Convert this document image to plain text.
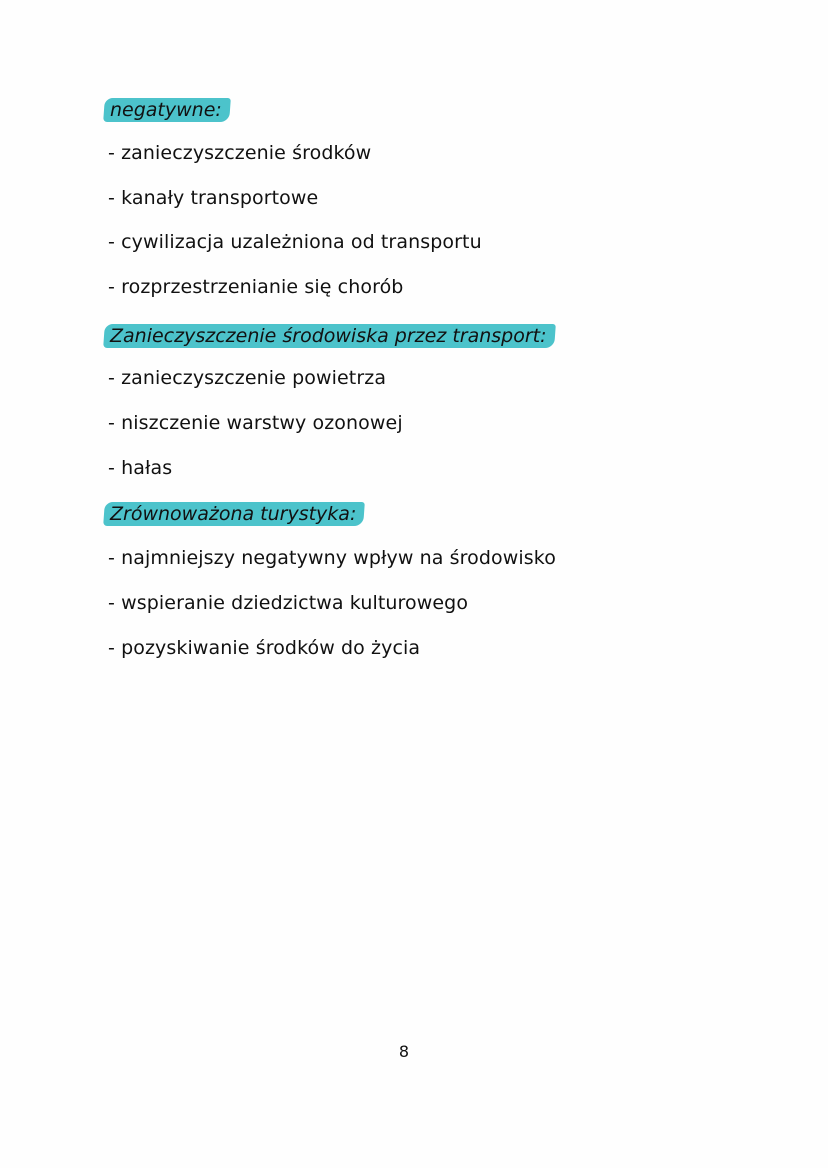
negatywne:
- zanieczyszczenie środków
- kanały transportowe
- cywilizacja uzależniona od transportu
- rozprzestrzenianie się chorób
Zanieczyszczenie środowiska przez transport:
- zanieczyszczenie powietrza
- niszczenie warstwy ozonowej
- hałas
Zrównoważona turystyka:
- najmniejszy negatywny wpływ na środowisko
- wspieranie dziedzictwa kulturowego
- pozyskiwanie środków do życia
8
